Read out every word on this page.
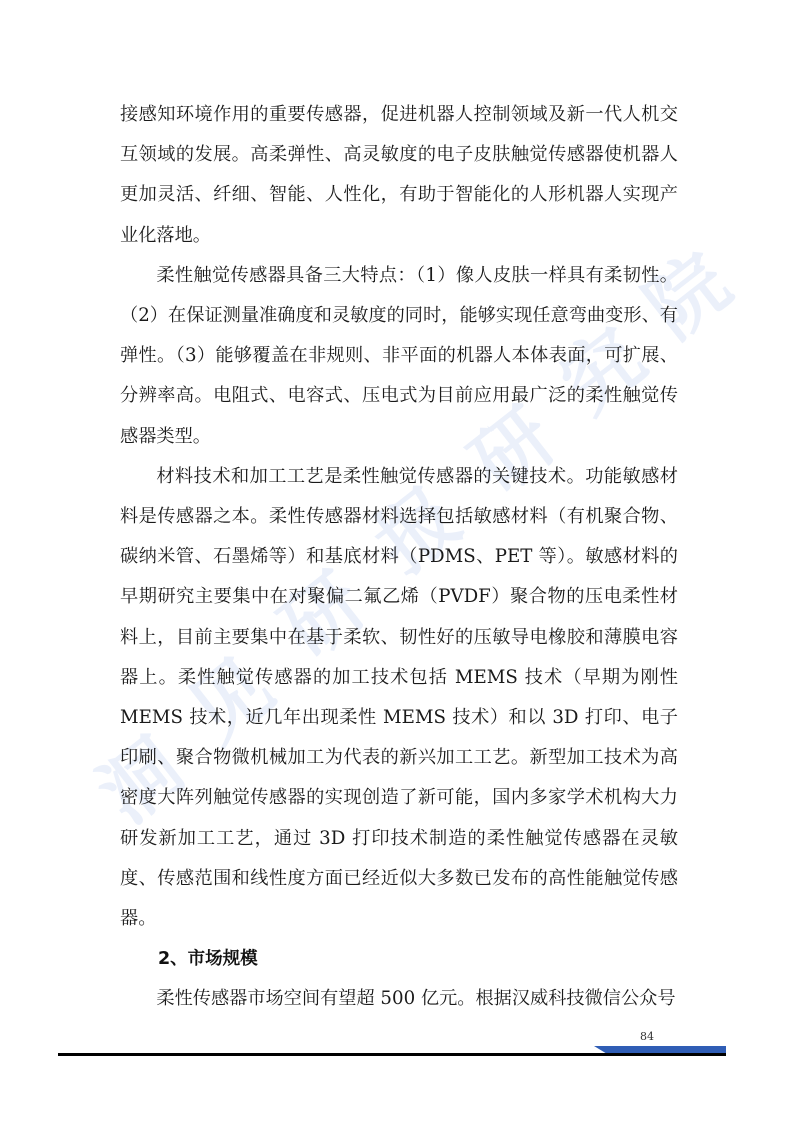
洞
见
研
报
研
究
院

接感知环境作用的重要传感器，促进机器人控制领域及新一代人机交互领域的发展。高柔弹性、高灵敏度的电子皮肤触觉传感器使机器人更加灵活、纤细、智能、人性化，有助于智能化的人形机器人实现产业化落地。

柔性触觉传感器具备三大特点：（1）像人皮肤一样具有柔韧性。（2）在保证测量准确度和灵敏度的同时，能够实现任意弯曲变形、有弹性。（3）能够覆盖在非规则、非平面的机器人本体表面，可扩展、分辨率高。电阻式、电容式、压电式为目前应用最广泛的柔性触觉传感器类型。

材料技术和加工工艺是柔性触觉传感器的关键技术。功能敏感材料是传感器之本。柔性传感器材料选择包括敏感材料（有机聚合物、碳纳米管、石墨烯等）和基底材料（PDMS、PET 等）。敏感材料的早期研究主要集中在对聚偏二氟乙烯（PVDF）聚合物的压电柔性材料上，目前主要集中在基于柔软、韧性好的压敏导电橡胶和薄膜电容器上。柔性触觉传感器的加工技术包括 MEMS 技术（早期为刚性 MEMS 技术，近几年出现柔性 MEMS 技术）和以 3D 打印、电子印刷、聚合物微机械加工为代表的新兴加工工艺。新型加工技术为高密度大阵列触觉传感器的实现创造了新可能，国内多家学术机构大力研发新加工工艺，通过 3D 打印技术制造的柔性触觉传感器在灵敏度、传感范围和线性度方面已经近似大多数已发布的高性能触觉传感器。

2、市场规模

柔性传感器市场空间有望超 500 亿元。根据汉威科技微信公众号

84
